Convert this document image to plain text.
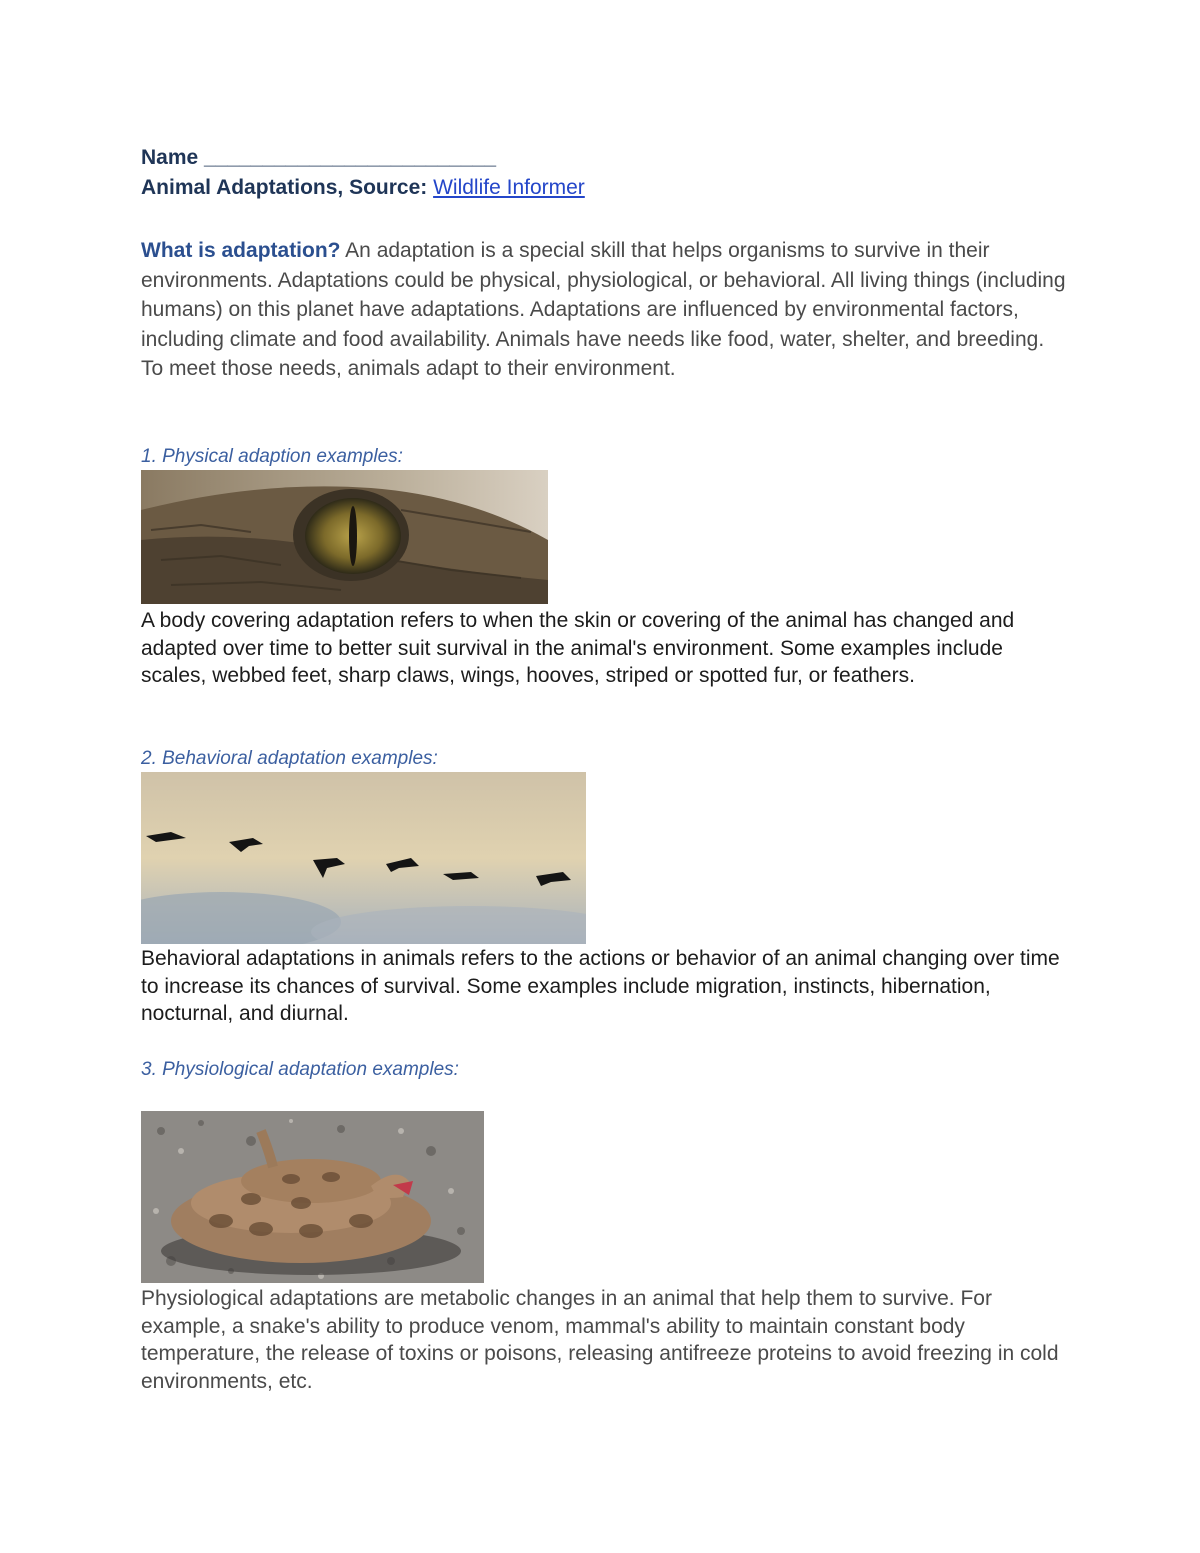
Name _________________________
Animal Adaptations, Source: Wildlife Informer
What is adaptation? An adaptation is a special skill that helps organisms to survive in their environments. Adaptations could be physical, physiological, or behavioral. All living things (including humans) on this planet have adaptations. Adaptations are influenced by environmental factors, including climate and food availability. Animals have needs like food, water, shelter, and breeding. To meet those needs, animals adapt to their environment.
1. Physical adaption examples:
A body covering adaptation refers to when the skin or covering of the animal has changed and adapted over time to better suit survival in the animal's environment. Some examples include scales, webbed feet, sharp claws, wings, hooves, striped or spotted fur, or feathers.
2. Behavioral adaptation examples:
Behavioral adaptations in animals refers to the actions or behavior of an animal changing over time to increase its chances of survival. Some examples include migration, instincts, hibernation, nocturnal, and diurnal.
3. Physiological adaptation examples:
Physiological adaptations are metabolic changes in an animal that help them to survive. For example, a snake's ability to produce venom, mammal's ability to maintain constant body temperature, the release of toxins or poisons, releasing antifreeze proteins to avoid freezing in cold environments, etc.
